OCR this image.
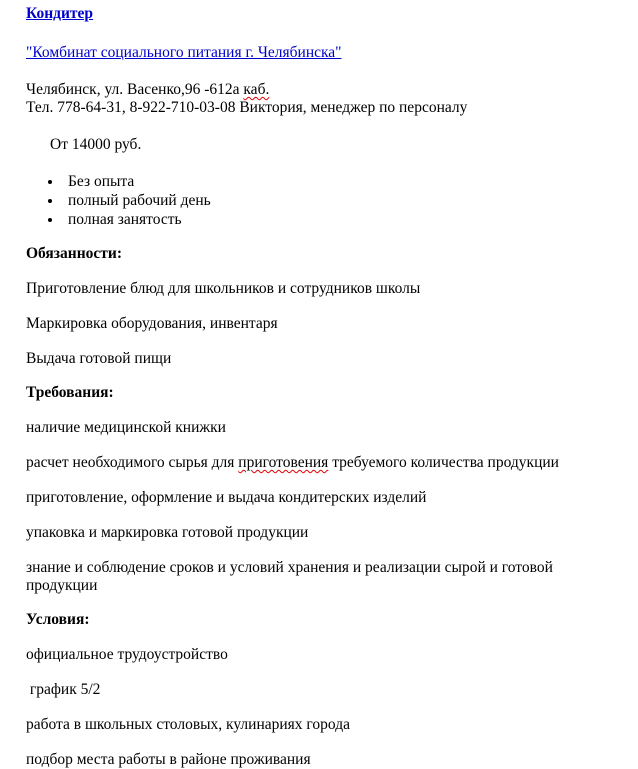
Кондитер
"Комбинат социального питания г. Челябинска"
Челябинск, ул. Васенко,96 -612а каб.
Тел. 778-64-31, 8-922-710-03-08 Виктория, менеджер по персоналу
От 14000 руб.
Без опыта
полный рабочий день
полная занятость
Обязанности:
Приготовление блюд для школьников и сотрудников школы
Маркировка оборудования, инвентаря
Выдача готовой пищи
Требования:
наличие медицинской книжки
расчет необходимого сырья для приготовения требуемого количества продукции
приготовление, оформление и выдача кондитерских изделий
упаковка и маркировка готовой продукции
знание и соблюдение сроков и условий хранения и реализации сырой и готовой продукции
Условия:
официальное трудоустройство
график 5/2
работа в школьных столовых, кулинариях города
подбор места работы в районе проживания
